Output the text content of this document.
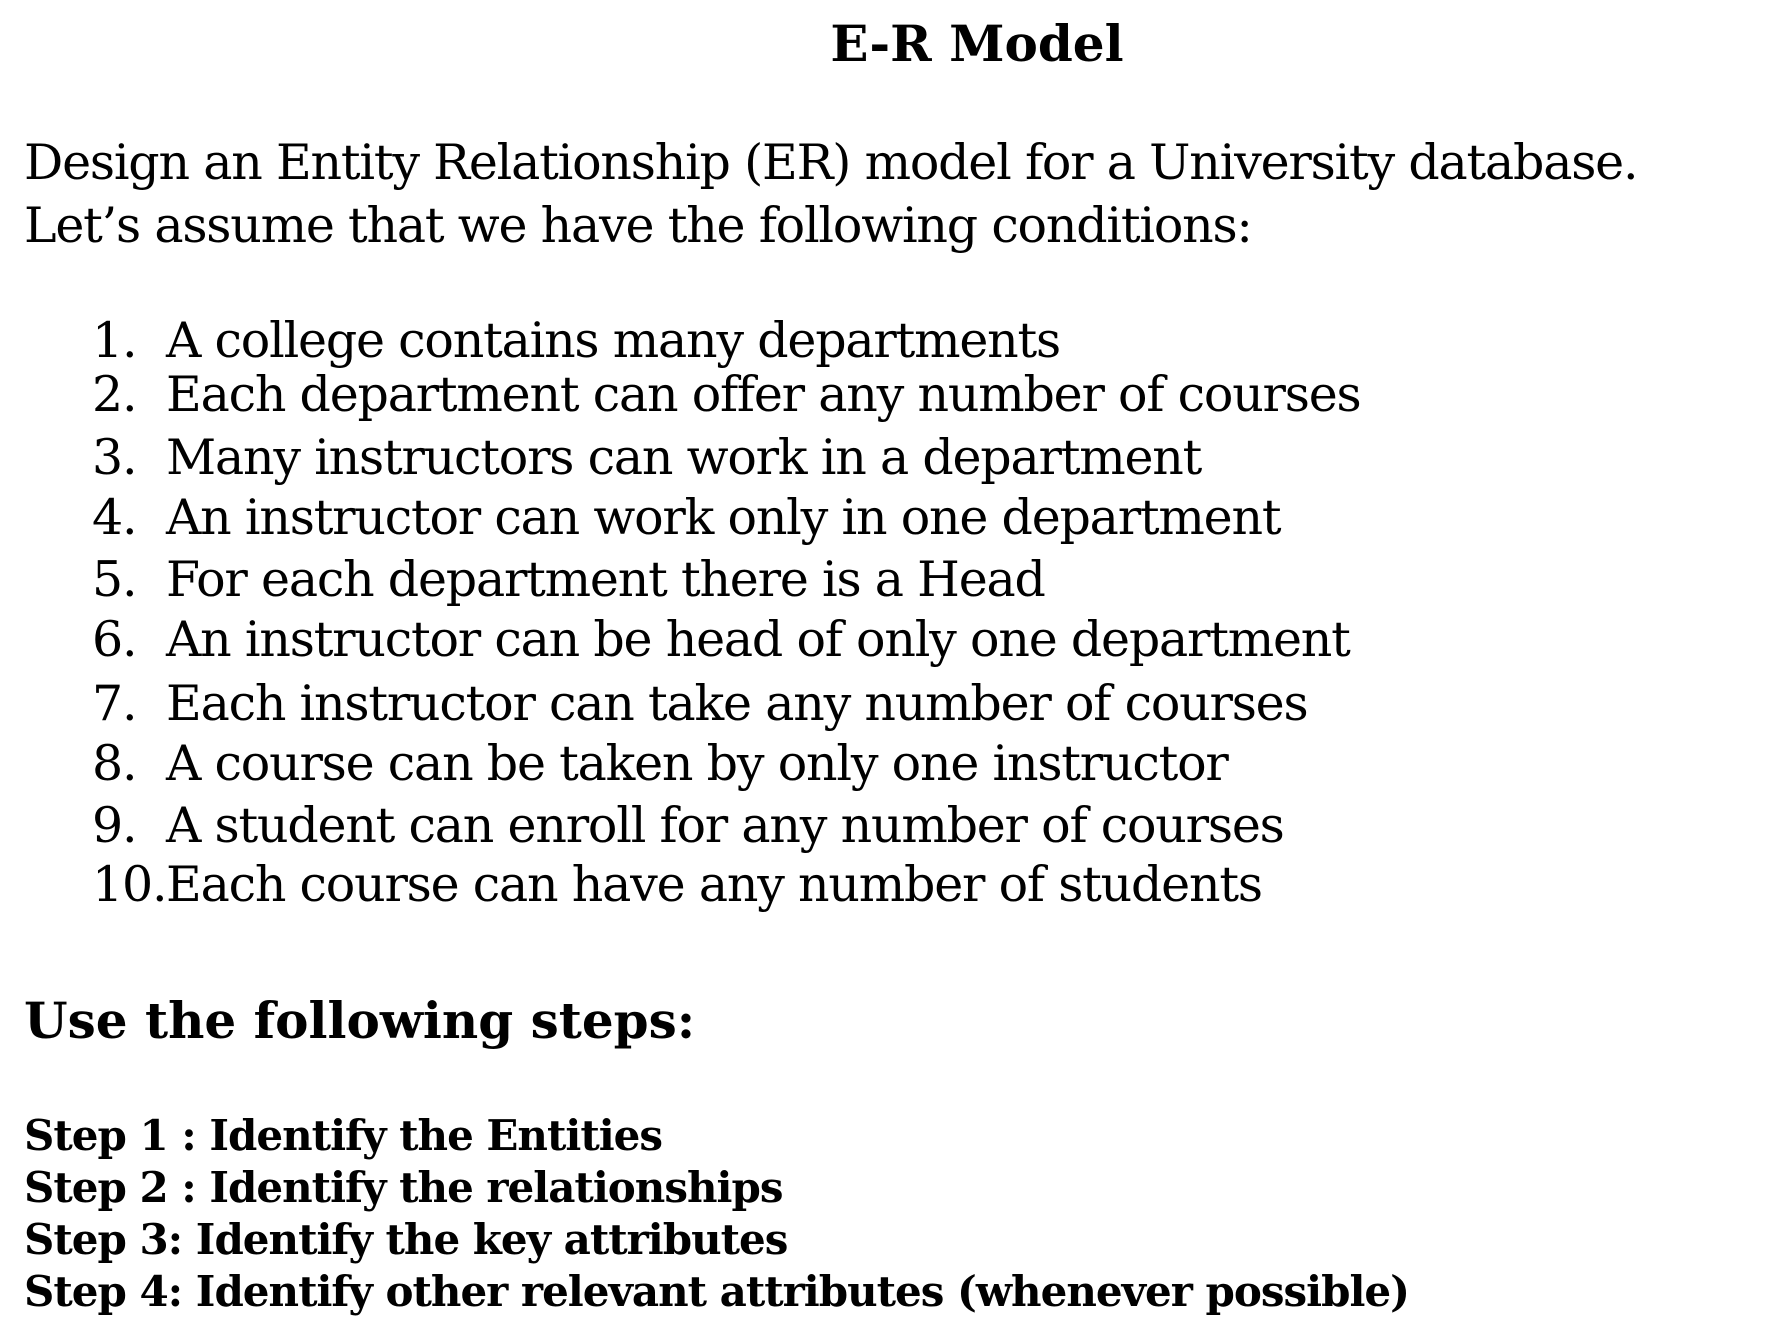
E-R Model

Design an Entity Relationship (ER) model for a University database. Let’s assume that we have the following conditions:

1. A college contains many departments
2. Each department can offer any number of courses
3. Many instructors can work in a department
4. An instructor can work only in one department
5. For each department there is a Head
6. An instructor can be head of only one department
7. Each instructor can take any number of courses
8. A course can be taken by only one instructor
9. A student can enroll for any number of courses
10.Each course can have any number of students
Use the following steps:
Step 1 : Identify the Entities
Step 2 : Identify the relationships
Step 3: Identify the key attributes
Step 4: Identify other relevant attributes (whenever possible)
